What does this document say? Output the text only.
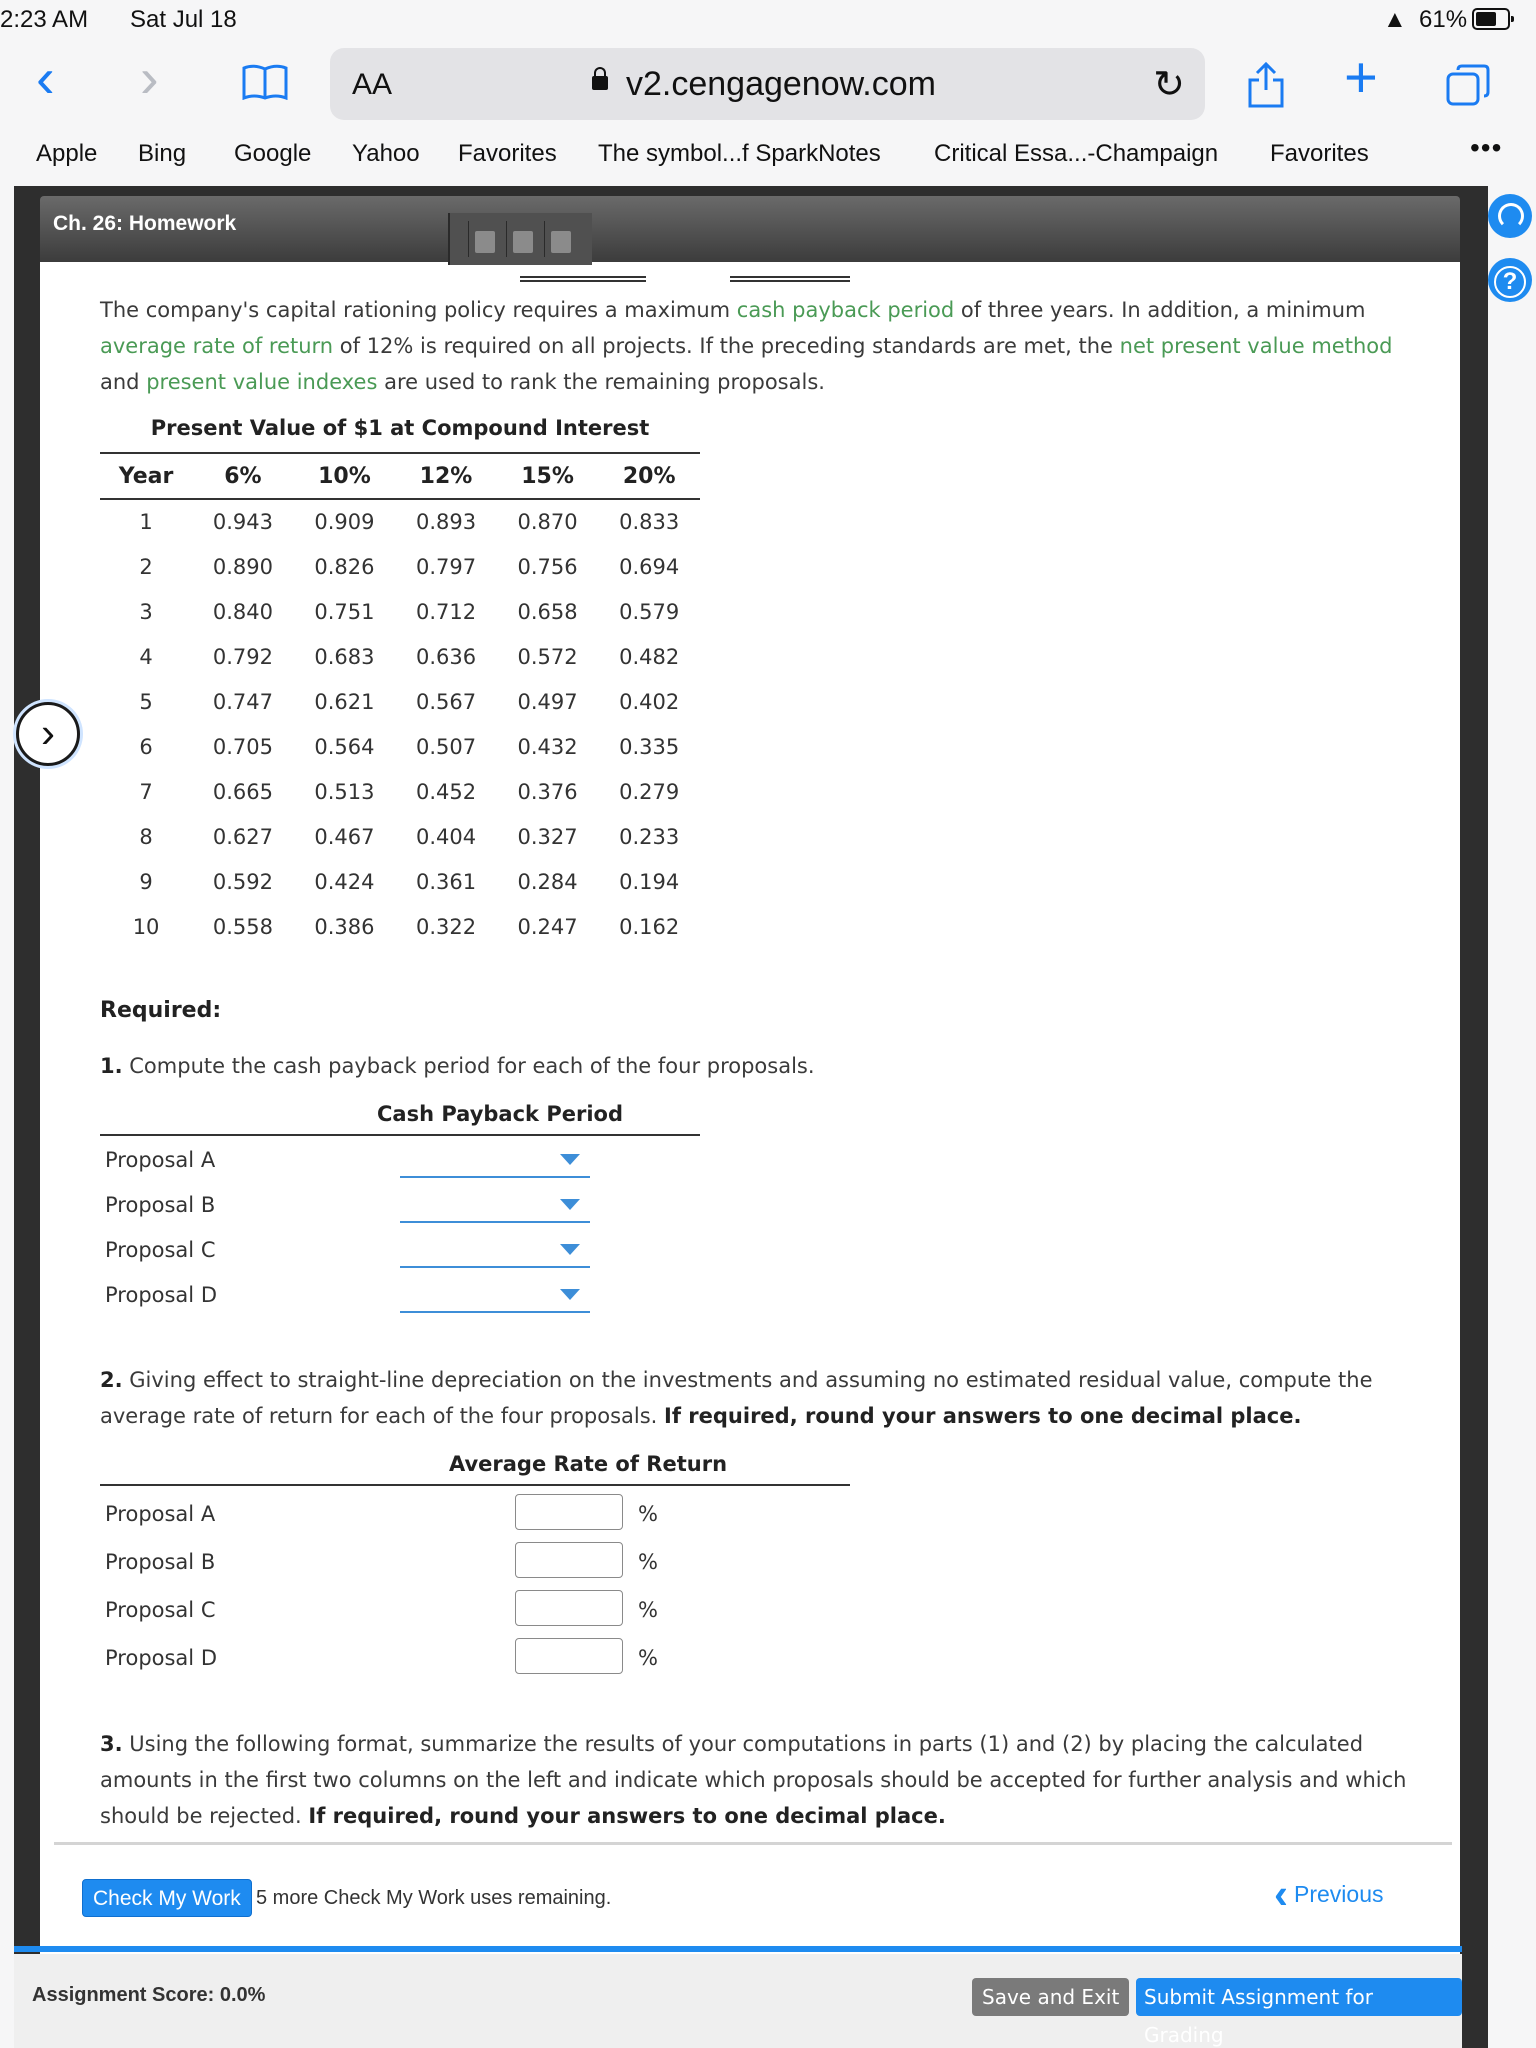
2:23 AM Sat Jul 18	▲ 61%
‹ ›	AA	v2.cengagenow.com	↻	+
Apple Bing Google Yahoo Favorites The symbol...f SparkNotes Critical Essa...-Champaign Favorites	•••
Ch. 26: Homework
?
›
The company's capital rationing policy requires a maximum cash payback period of three years. In addition, a minimum average rate of return of 12% is required on all projects. If the preceding standards are met, the net present value method and present value indexes are used to rank the remaining proposals.
Present Value of $1 at Compound Interest
Year	6%	10%	12%	15%	20%
1	0.943	0.909	0.893	0.870	0.833
2	0.890	0.826	0.797	0.756	0.694
3	0.840	0.751	0.712	0.658	0.579
4	0.792	0.683	0.636	0.572	0.482
5	0.747	0.621	0.567	0.497	0.402
6	0.705	0.564	0.507	0.432	0.335
7	0.665	0.513	0.452	0.376	0.279
8	0.627	0.467	0.404	0.327	0.233
9	0.592	0.424	0.361	0.284	0.194
10	0.558	0.386	0.322	0.247	0.162
Required:
1. Compute the cash payback period for each of the four proposals.
Cash Payback Period
Proposal A
Proposal B
Proposal C
Proposal D
2. Giving effect to straight-line depreciation on the investments and assuming no estimated residual value, compute the average rate of return for each of the four proposals. If required, round your answers to one decimal place.
Average Rate of Return
Proposal A	%
Proposal B	%
Proposal C	%
Proposal D	%
3. Using the following format, summarize the results of your computations in parts (1) and (2) by placing the calculated amounts in the first two columns on the left and indicate which proposals should be accepted for further analysis and which should be rejected. If required, round your answers to one decimal place.
Check My Work 5 more Check My Work uses remaining.	‹ Previous
Assignment Score: 0.0%	Save and Exit	Submit Assignment for Grading
